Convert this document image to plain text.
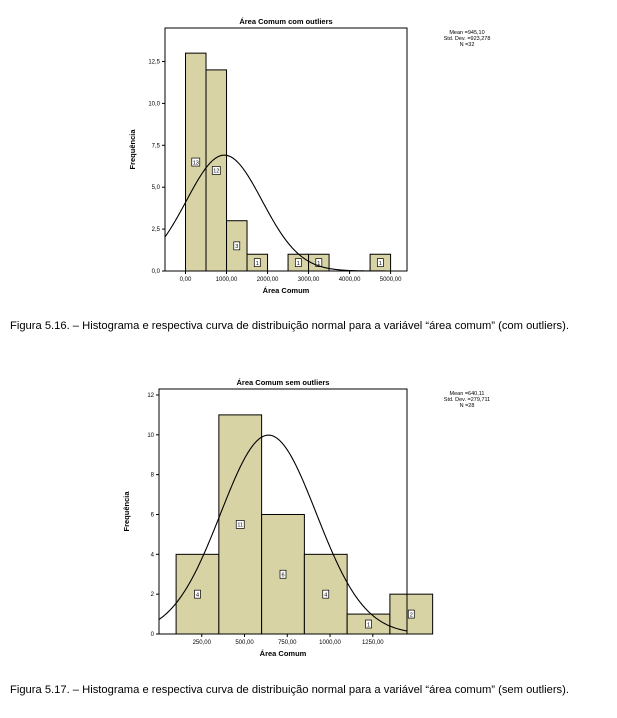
Área Comum com outliers
13
12
3
1	1	1	1
0,0
2,5
5,0
7,5
10,0
12,5
0,00	1000,00	2000,00	3000,00	4000,00	5000,00
Área Comum
Frequência
Mean =945,10
Std. Dev. =923,278
N =32
Figura 5.16. – Histograma e respectiva curva de distribuição normal para a variável “área comum” (com outliers).
Área Comum sem outliers
4
11
6
4
1
2
0
2
4
6
8
10
12
250,00	500,00	750,00	1000,00	1250,00
Área Comum
Frequência
Mean =640,11
Std. Dev. =279,711
N =28
Figura 5.17. – Histograma e respectiva curva de distribuição normal para a variável “área comum” (sem outliers).
